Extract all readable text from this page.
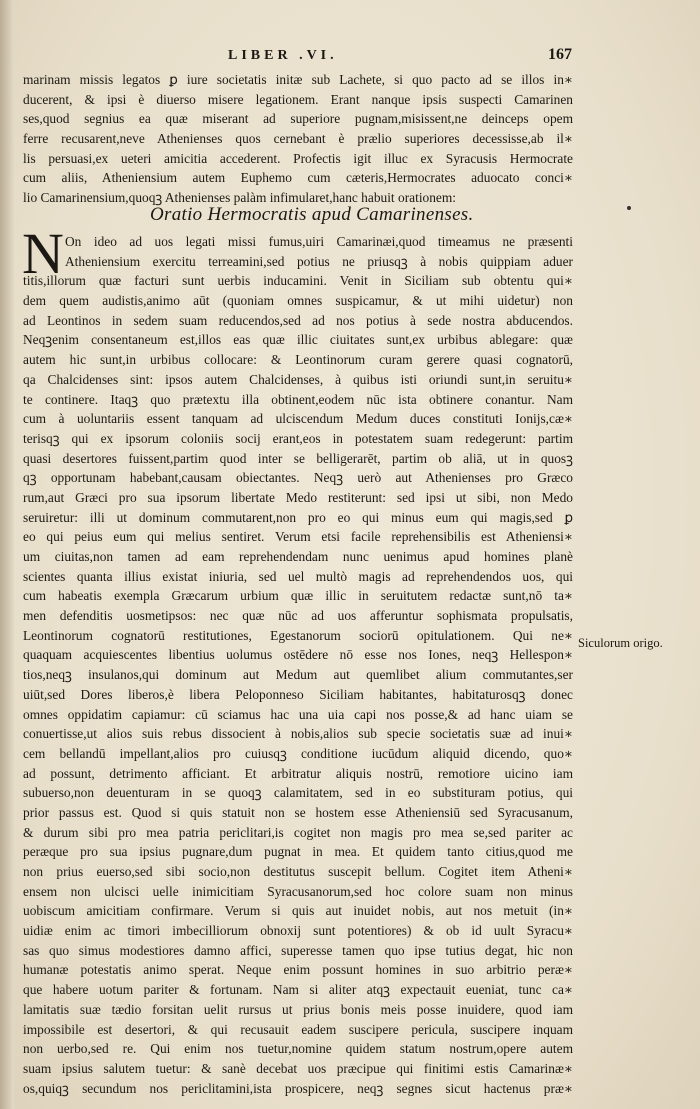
LIBER .VI.	167
marinam missis legatos ꝑ iure societatis initæ sub Lachete, si quo pacto ad se illos in∗
ducerent, & ipsi è diuerso misere legationem. Erant nanque ipsis suspecti Camarinen
ses,quod segnius ea quæ miserant ad superiore pugnam,misissent,ne deinceps opem
ferre recusarent,neve Athenienses quos cernebant è prælio superiores decessisse,ab il∗
lis persuasi,ex ueteri amicitia accederent. Profectis igit illuc ex Syracusis Hermocrate
cum aliis, Atheniensium autem Euphemo cum cæteris,Hermocrates aduocato conci∗
lio Camarinensium,quoqꝫ Athenienses palàm infimularet,hanc habuit orationem:
Oratio Hermocratis apud Camarinenses.
N On ideo ad uos legati missi fumus,uiri Camarinæi,quod timeamus ne præsenti
Atheniensium exercitu terreamini,sed potius ne priusqꝫ à nobis quippiam aduer
titis,illorum quæ facturi sunt uerbis inducamini. Venit in Siciliam sub obtentu qui∗
dem quem audistis,animo aūt (quoniam omnes suspicamur, & ut mihi uidetur) non
ad Leontinos in sedem suam reducendos,sed ad nos potius à sede nostra abducendos.
Neqꝫenim consentaneum est,illos eas quæ illic ciuitates sunt,ex urbibus ablegare: quæ
autem hic sunt,in urbibus collocare: & Leontinorum curam gerere quasi cognatorū,
qa Chalcidenses sint: ipsos autem Chalcidenses, à quibus isti oriundi sunt,in seruitu∗
te continere. Itaqꝫ quo prætextu illa obtinent,eodem nūc ista obtinere conantur. Nam
cum à uoluntariis essent tanquam ad ulciscendum Medum duces constituti Ionijs,cæ∗
terisqꝫ qui ex ipsorum coloniis socij erant,eos in potestatem suam redegerunt: partim
quasi desertores fuissent,partim quod inter se belligerarēt, partim ob aliā, ut in quosꝫ
qꝫ opportunam habebant,causam obiectantes. Neqꝫ uerò aut Athenienses pro Græco
rum,aut Græci pro sua ipsorum libertate Medo restiterunt: sed ipsi ut sibi, non Medo
seruiretur: illi ut dominum commutarent,non pro eo qui minus eum qui magis,sed ꝑ
eo qui peius eum qui melius sentiret. Verum etsi facile reprehensibilis est Atheniensi∗
um ciuitas,non tamen ad eam reprehendendam nunc uenimus apud homines planè
scientes quanta illius existat iniuria, sed uel multò magis ad reprehendendos uos, qui
cum habeatis exempla Græcarum urbium quæ illic in seruitutem redactæ sunt,nō ta∗
men defenditis uosmetipsos: nec quæ nūc ad uos afferuntur sophismata propulsatis,
Leontinorum cognatorū restitutiones, Egestanorum sociorū opitulationem. Qui ne∗
quaquam acquiescentes libentius uolumus ostēdere nō esse nos Iones, neqꝫ Hellespon∗
tios,neqꝫ insulanos,qui dominum aut Medum aut quemlibet alium commutantes,ser
uiūt,sed Dores liberos,è libera Peloponneso Siciliam habitantes, habitaturosqꝫ donec
omnes oppidatim capiamur: cū sciamus hac una uia capi nos posse,& ad hanc uiam se
conuertisse,ut alios suis rebus dissocient à nobis,alios sub specie societatis suæ ad inui∗
cem bellandū impellant,alios pro cuiusqꝫ conditione iucūdum aliquid dicendo, quo∗
ad possunt, detrimento afficiant. Et arbitratur aliquis nostrū, remotiore uicino iam
subuerso,non deuenturam in se quoqꝫ calamitatem, sed in eo substituram potius, qui
prior passus est. Quod si quis statuit non se hostem esse Atheniensiū sed Syracusanum,
& durum sibi pro mea patria periclitari,is cogitet non magis pro mea se,sed pariter ac
peræque pro sua ipsius pugnare,dum pugnat in mea. Et quidem tanto citius,quod me
non prius euerso,sed sibi socio,non destitutus suscepit bellum. Cogitet item Atheni∗
ensem non ulcisci uelle inimicitiam Syracusanorum,sed hoc colore suam non minus
uobiscum amicitiam confirmare. Verum si quis aut inuidet nobis, aut nos metuit (in∗
uidiæ enim ac timori imbecilliorum obnoxij sunt potentiores) & ob id uult Syracu∗
sas quo simus modestiores damno affici, superesse tamen quo ipse tutius degat, hic non
humanæ potestatis animo sperat. Neque enim possunt homines in suo arbitrio peræ∗
que habere uotum pariter & fortunam. Nam si aliter atqꝫ expectauit eueniat, tunc ca∗
lamitatis suæ tædio forsitan uelit rursus ut prius bonis meis posse inuidere, quod iam
impossibile est desertori, & qui recusauit eadem suscipere pericula, suscipere inquam
non uerbo,sed re. Qui enim nos tuetur,nomine quidem statum nostrum,opere autem
suam ipsius salutem tuetur: & sanè decebat uos præcipue qui finitimi estis Camarinæ∗
os,quiqꝫ secundum nos periclitamini,ista prospicere, neqꝫ segnes sicut hactenus præ∗
Siculorum origo.
